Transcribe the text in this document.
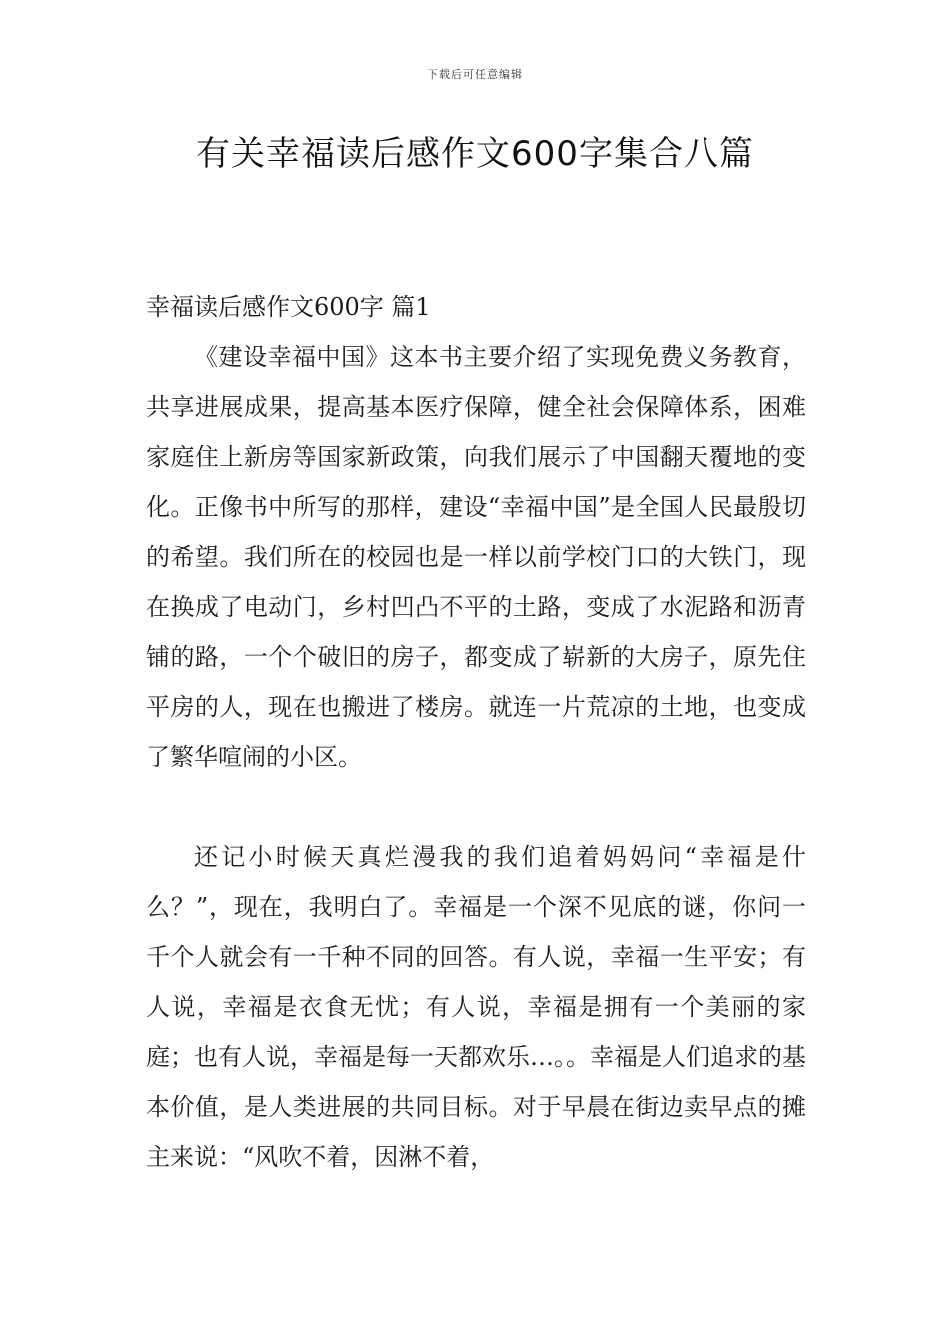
下载后可任意编辑
有关幸福读后感作文600字集合八篇

幸福读后感作文600字 篇1

《建设幸福中国》这本书主要介绍了实现免费义务教育，共享进展成果，提高基本医疗保障，健全社会保障体系，困难家庭住上新房等国家新政策，向我们展示了中国翻天覆地的变化。正像书中所写的那样，建设“幸福中国”是全国人民最殷切的希望。我们所在的校园也是一样以前学校门口的大铁门，现在换成了电动门，乡村凹凸不平的土路，变成了水泥路和沥青铺的路，一个个破旧的房子，都变成了崭新的大房子，原先住平房的人，现在也搬进了楼房。就连一片荒凉的土地，也变成了繁华喧闹的小区。

还记小时候天真烂漫我的我们追着妈妈问“幸福是什么？”，现在，我明白了。幸福是一个深不见底的谜，你问一千个人就会有一千种不同的回答。有人说，幸福一生平安；有人说，幸福是衣食无忧；有人说，幸福是拥有一个美丽的家庭；也有人说，幸福是每一天都欢乐…。。幸福是人们追求的基本价值，是人类进展的共同目标。对于早晨在街边卖早点的摊主来说：“风吹不着，因淋不着，
